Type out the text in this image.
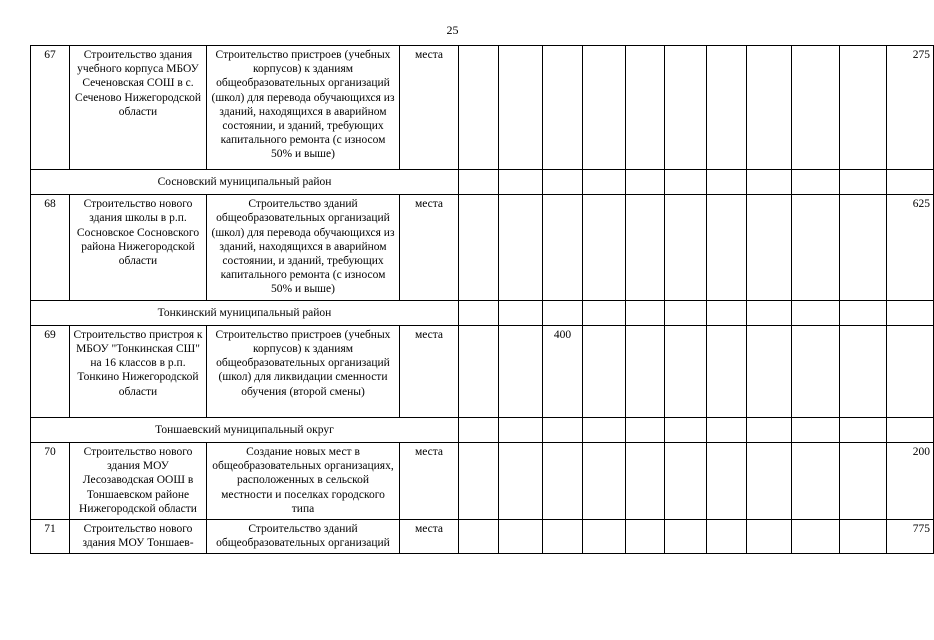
25
67	Строительство здания учебного корпуса МБОУ Сеченовская СОШ в с. Сеченово Нижегородской области	Строительство пристроев (учебных корпусов) к зданиям общеобразовательных организаций (школ) для перевода обучающихся из зданий, находящихся в аварийном состоянии, и зданий, требующих капитального ремонта (с износом 50% и выше)	места											275
Сосновский муниципальный район														
68	Строительство нового здания школы в р.п. Сосновское Сосновского района Нижегородской области	Строительство зданий общеобразовательных организаций (школ) для перевода обучающихся из зданий, находящихся в аварийном состоянии, и зданий, требующих капитального ремонта (с износом 50% и выше)	места											625
Тонкинский муниципальный район														
69	Строительство пристроя к МБОУ "Тонкинская СШ" на 16 классов в р.п. Тонкино Нижегородской области	Строительство пристроев (учебных корпусов) к зданиям общеобразовательных организаций (школ) для ликвидации сменности обучения (второй смены)	места			400								
Тоншаевский муниципальный округ														
70	Строительство нового здания МОУ Лесозаводская ООШ в Тоншаевском районе Нижегородской области	Создание новых мест в общеобразовательных организациях, расположенных в сельской местности и поселках городского типа	места											200
71	Строительство нового здания МОУ Тоншаев-	Строительство зданий общеобразовательных организаций	места											775
